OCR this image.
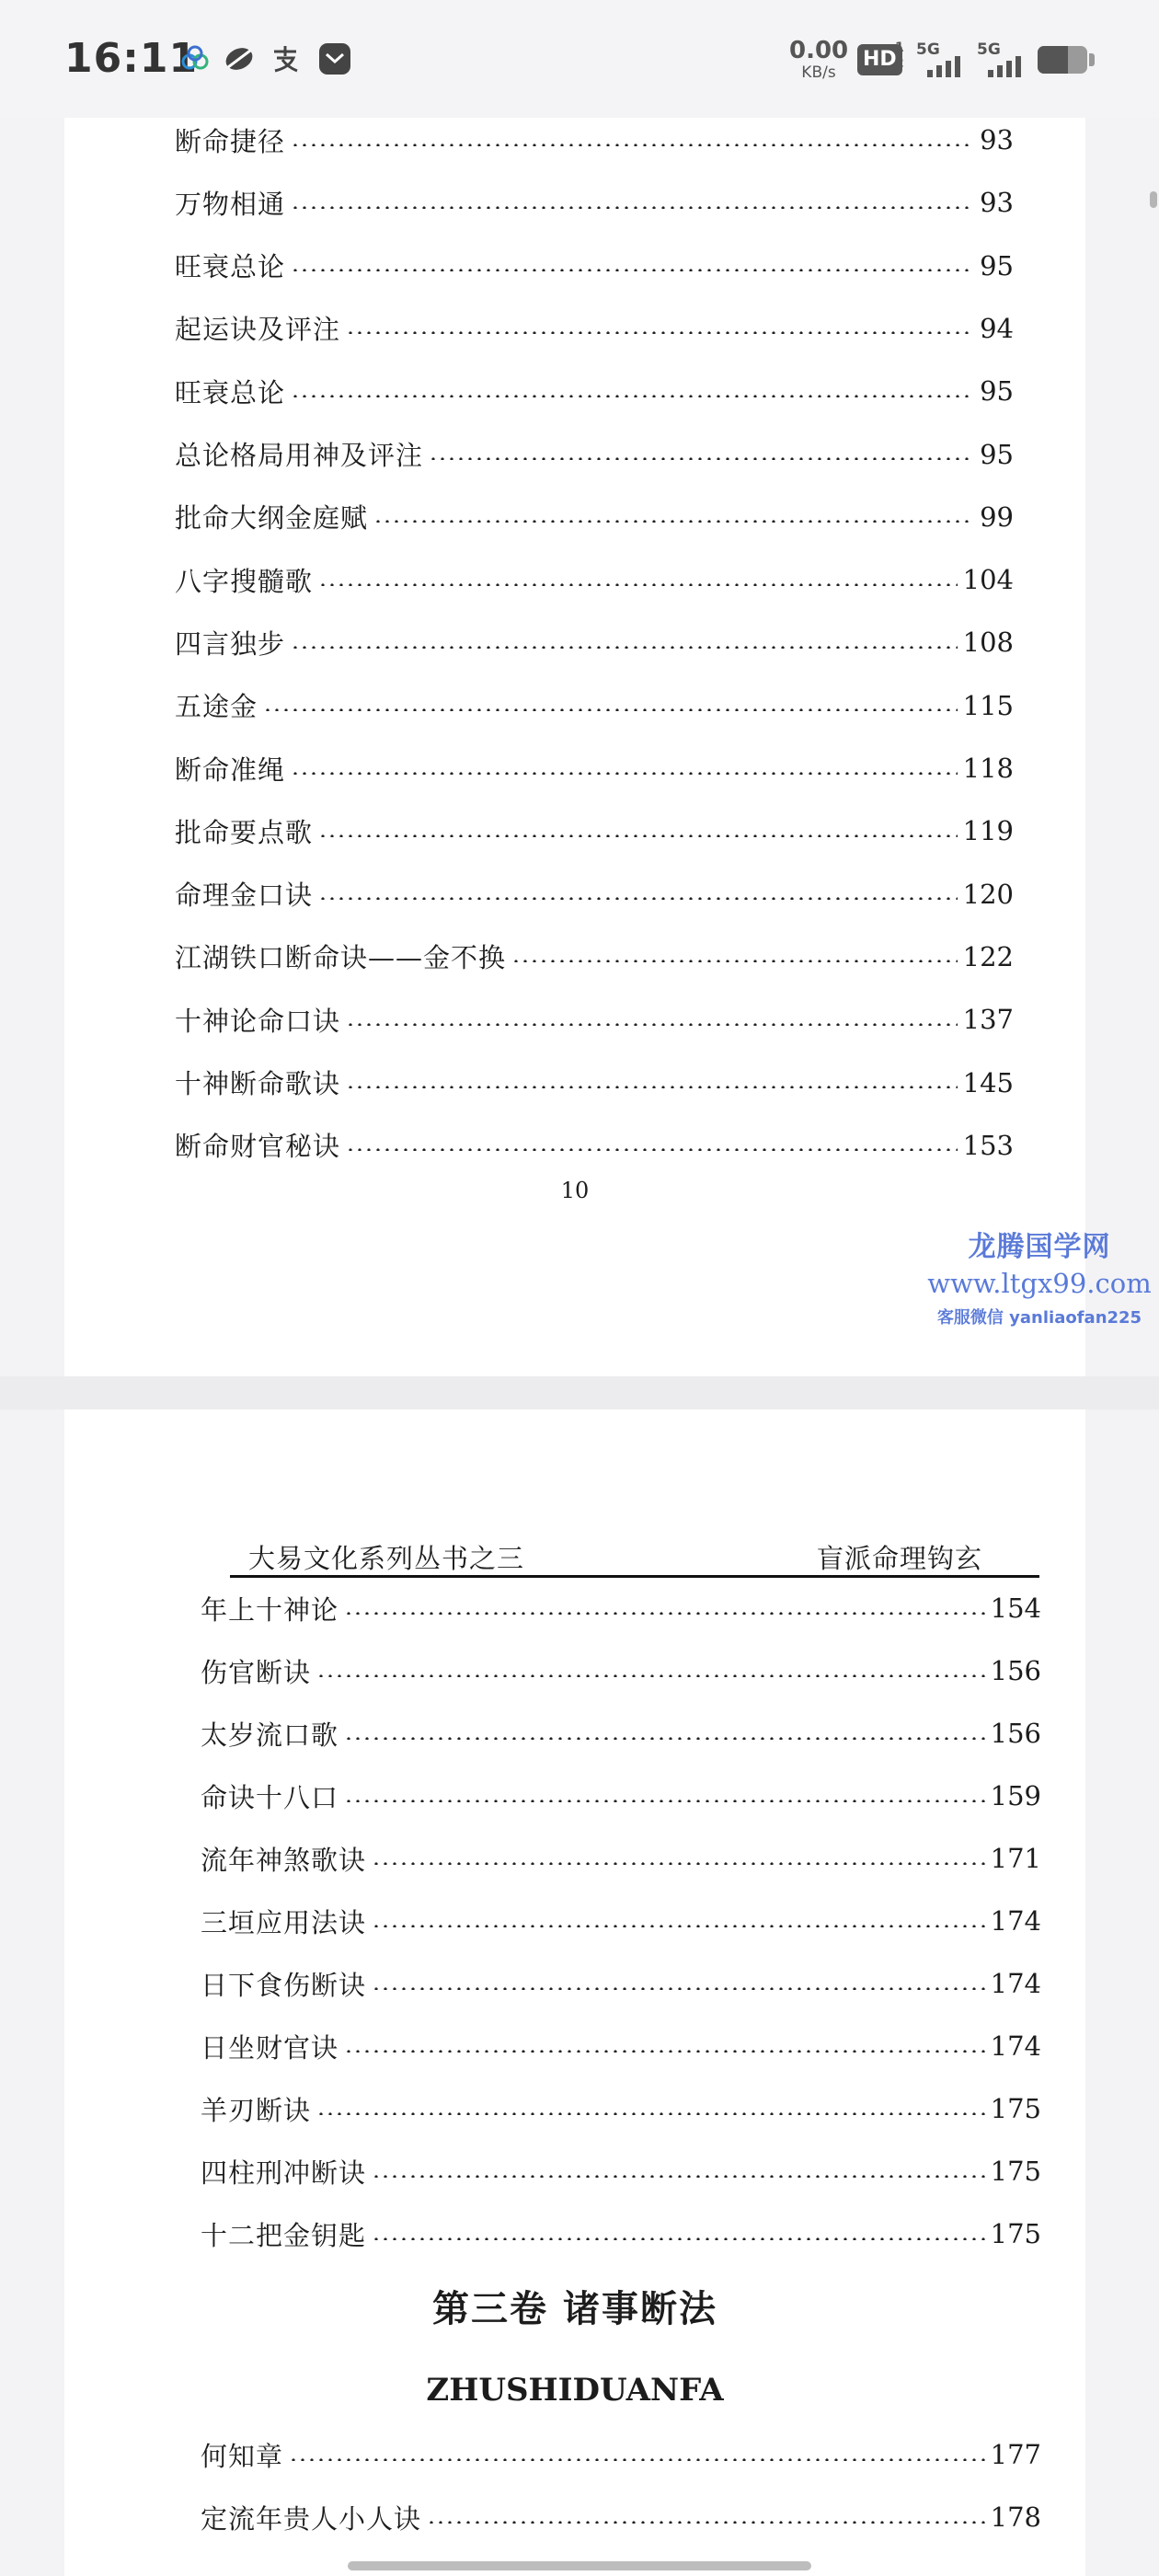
16:11	0.00
KB/s
HD
1
2
5G 5G
断命捷径	93
万物相通	93
旺衰总论	95
起运诀及评注	94
旺衰总论	95
总论格局用神及评注	95
批命大纲金庭赋	99
八字搜髓歌	104
四言独步	108
五途金	115
断命准绳	118
批命要点歌	119
命理金口诀	120
江湖铁口断命诀——金不换	122
十神论命口诀	137
十神断命歌诀	145
断命财官秘诀	153
10
龙腾国学网
www.ltgx99.com
客服微信 yanliaofan225
大易文化系列丛书之三	盲派命理钩玄
年上十神论	154
伤官断诀	156
太岁流口歌	156
命诀十八口	159
流年神煞歌诀	171
三垣应用法诀	174
日下食伤断诀	174
日坐财官诀	174
羊刃断诀	175
四柱刑冲断诀	175
十二把金钥匙	175
第三卷 诸事断法
ZHUSHIDUANFA
何知章	177
定流年贵人小人诀	178
